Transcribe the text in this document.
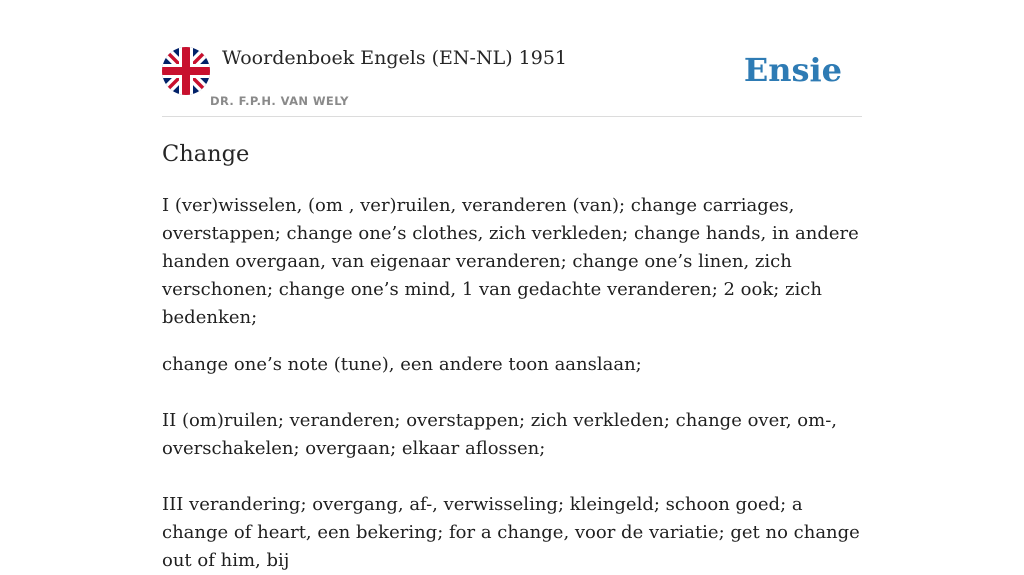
Woordenboek Engels (EN-NL) 1951
DR. F.P.H. VAN WELY
Ensie
Change

I (ver)wisselen, (om , ver)ruilen, veranderen (van); change carriages, overstappen; change one’s clothes, zich verkleden; change hands, in andere handen overgaan, van eigenaar veranderen; change one’s linen, zich verschonen; change one’s mind, 1 van gedachte veranderen; 2 ook; zich bedenken;

change one’s note (tune), een andere toon aanslaan;

II (om)ruilen; veranderen; overstappen; zich verkleden; change over, om-, overschakelen; overgaan; elkaar aflossen;

III verandering; overgang, af-, verwisseling; kleingeld; schoon goed; a change of heart, een bekering; for a change, voor de variatie; get no change out of him, bij
